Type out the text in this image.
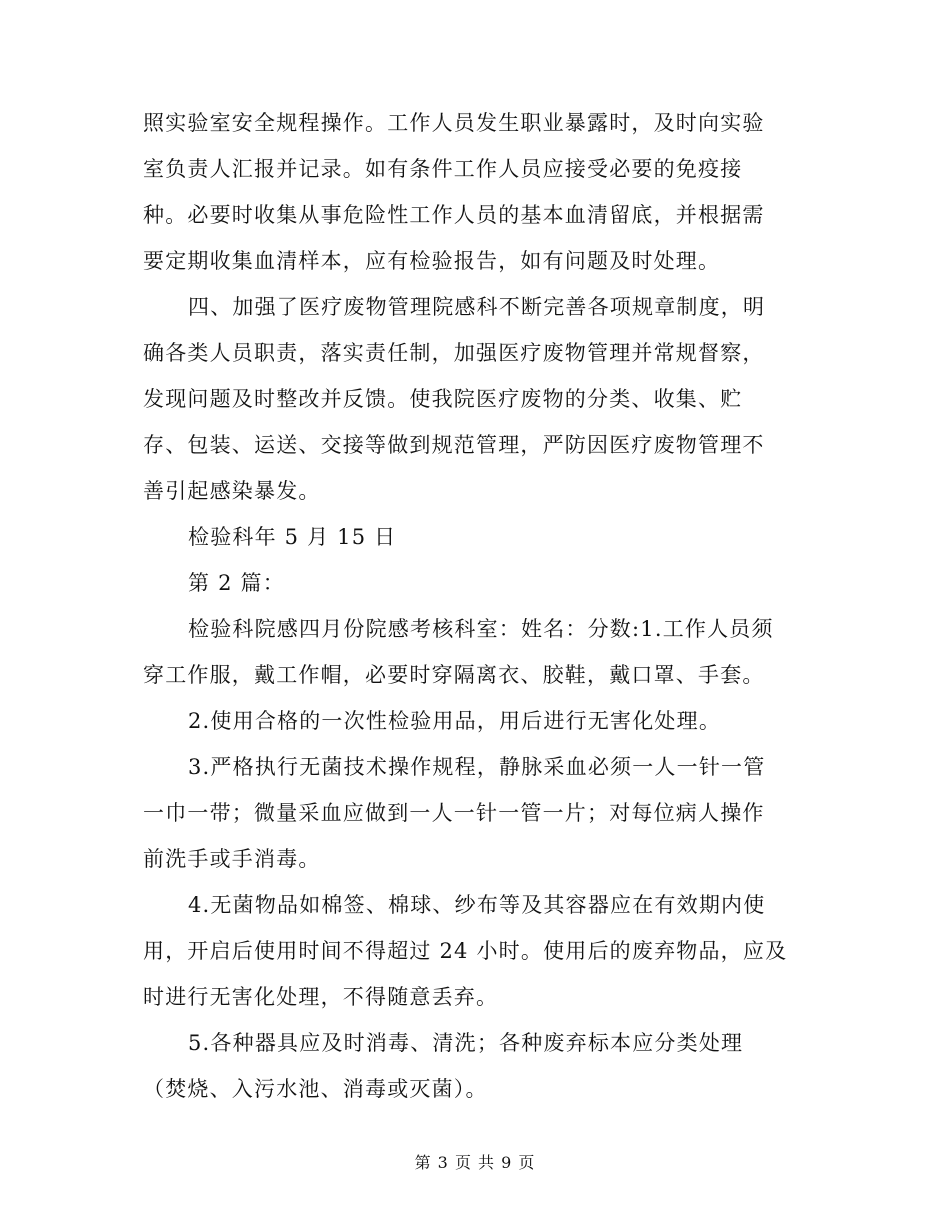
照实验室安全规程操作。工作人员发生职业暴露时，及时向实验
室负责人汇报并记录。如有条件工作人员应接受必要的免疫接
种。必要时收集从事危险性工作人员的基本血清留底，并根据需
要定期收集血清样本，应有检验报告，如有问题及时处理。
四、加强了医疗废物管理院感科不断完善各项规章制度，明
确各类人员职责，落实责任制，加强医疗废物管理并常规督察，
发现问题及时整改并反馈。使我院医疗废物的分类、收集、贮
存、包装、运送、交接等做到规范管理，严防因医疗废物管理不
善引起感染暴发。
检验科年 5 月 15 日
第 2 篇：
检验科院感四月份院感考核科室：姓名：分数:1.工作人员须
穿工作服，戴工作帽，必要时穿隔离衣、胶鞋，戴口罩、手套。
2.使用合格的一次性检验用品，用后进行无害化处理。
3.严格执行无菌技术操作规程，静脉采血必须一人一针一管
一巾一带；微量采血应做到一人一针一管一片；对每位病人操作
前洗手或手消毒。
4.无菌物品如棉签、棉球、纱布等及其容器应在有效期内使
用，开启后使用时间不得超过 24 小时。使用后的废弃物品，应及
时进行无害化处理，不得随意丢弃。
5.各种器具应及时消毒、清洗；各种废弃标本应分类处理
（焚烧、入污水池、消毒或灭菌）。
第 3 页 共 9 页
